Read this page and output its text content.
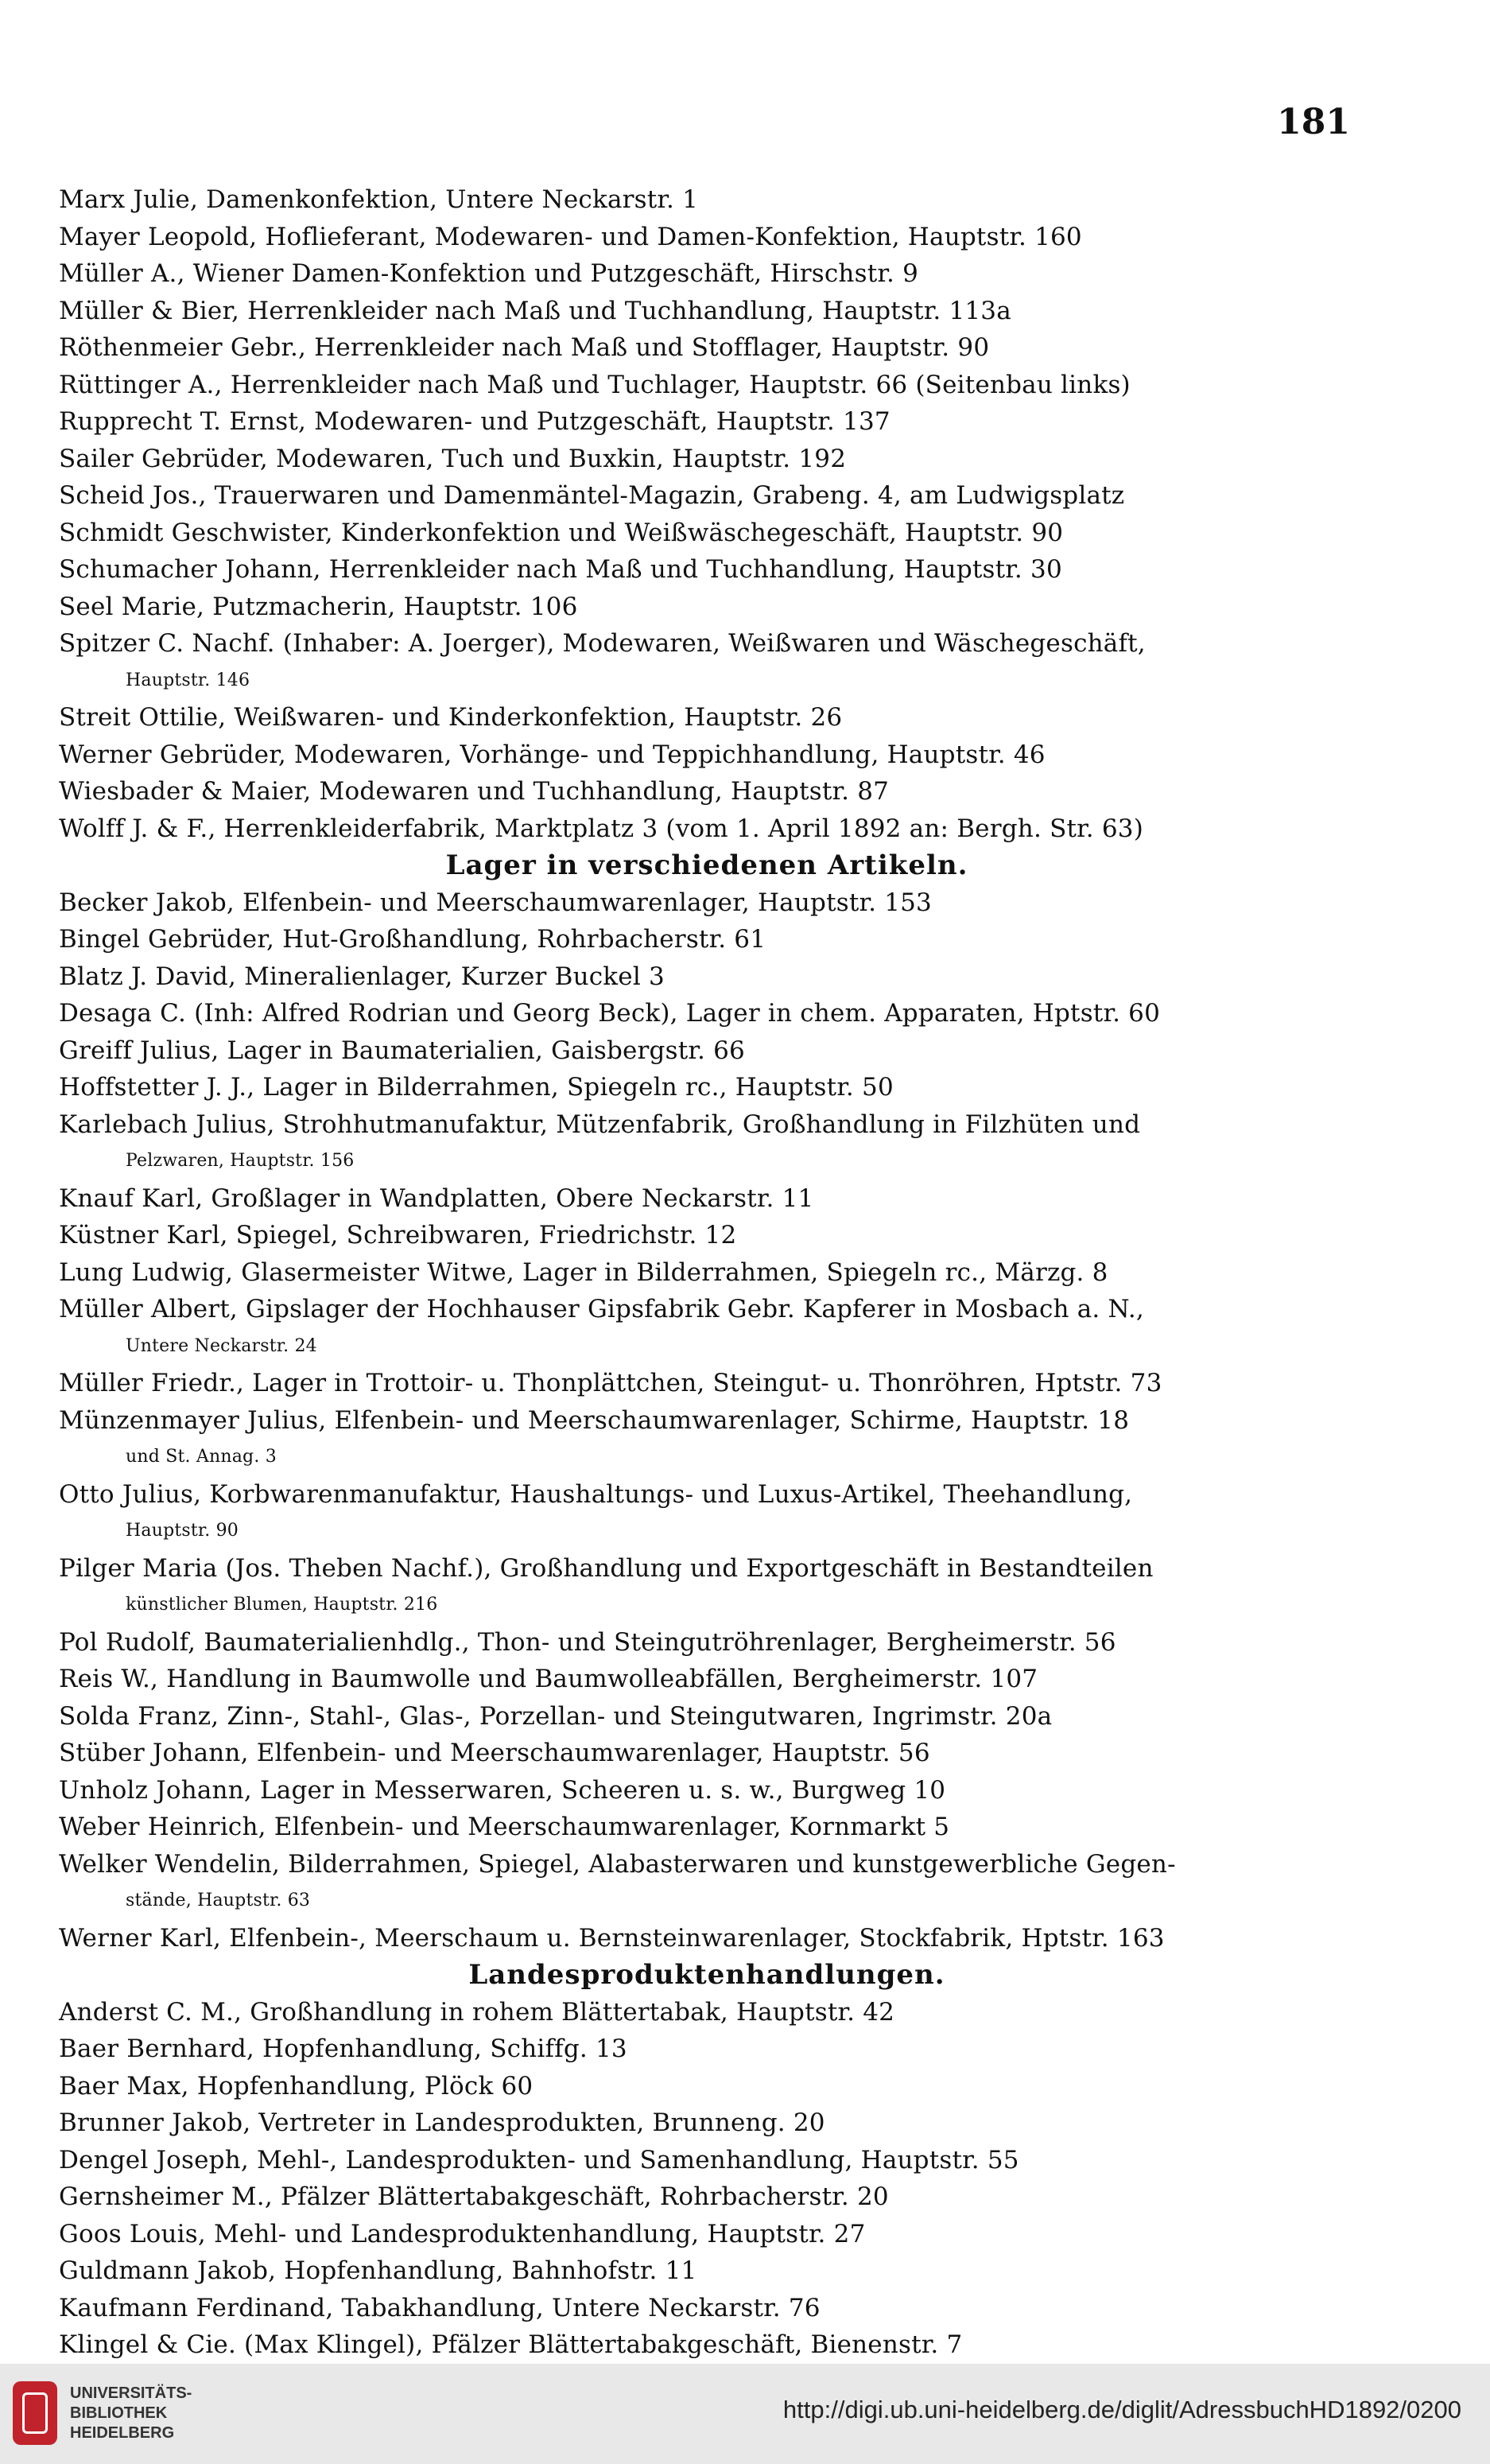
181
Marx Julie, Damenkonfektion, Untere Neckarstr. 1
Mayer Leopold, Hoflieferant, Modewaren- und Damen-Konfektion, Hauptstr. 160
Müller A., Wiener Damen-Konfektion und Putzgeschäft, Hirschstr. 9
Müller & Bier, Herrenkleider nach Maß und Tuchhandlung, Hauptstr. 113a
Röthenmeier Gebr., Herrenkleider nach Maß und Stofflager, Hauptstr. 90
Rüttinger A., Herrenkleider nach Maß und Tuchlager, Hauptstr. 66 (Seitenbau links)
Rupprecht T. Ernst, Modewaren- und Putzgeschäft, Hauptstr. 137
Sailer Gebrüder, Modewaren, Tuch und Buxkin, Hauptstr. 192
Scheid Jos., Trauerwaren und Damenmäntel-Magazin, Grabeng. 4, am Ludwigsplatz
Schmidt Geschwister, Kinderkonfektion und Weißwäschegeschäft, Hauptstr. 90
Schumacher Johann, Herrenkleider nach Maß und Tuchhandlung, Hauptstr. 30
Seel Marie, Putzmacherin, Hauptstr. 106
Spitzer C. Nachf. (Inhaber: A. Joerger), Modewaren, Weißwaren und Wäschegeschäft,
Hauptstr. 146
Streit Ottilie, Weißwaren- und Kinderkonfektion, Hauptstr. 26
Werner Gebrüder, Modewaren, Vorhänge- und Teppichhandlung, Hauptstr. 46
Wiesbader & Maier, Modewaren und Tuchhandlung, Hauptstr. 87
Wolff J. & F., Herrenkleiderfabrik, Marktplatz 3 (vom 1. April 1892 an: Bergh. Str. 63)
Lager in verschiedenen Artikeln.
Becker Jakob, Elfenbein- und Meerschaumwarenlager, Hauptstr. 153
Bingel Gebrüder, Hut-Großhandlung, Rohrbacherstr. 61
Blatz J. David, Mineralienlager, Kurzer Buckel 3
Desaga C. (Inh: Alfred Rodrian und Georg Beck), Lager in chem. Apparaten, Hptstr. 60
Greiff Julius, Lager in Baumaterialien, Gaisbergstr. 66
Hoffstetter J. J., Lager in Bilderrahmen, Spiegeln rc., Hauptstr. 50
Karlebach Julius, Strohhutmanufaktur, Mützenfabrik, Großhandlung in Filzhüten und
Pelzwaren, Hauptstr. 156
Knauf Karl, Großlager in Wandplatten, Obere Neckarstr. 11
Küstner Karl, Spiegel, Schreibwaren, Friedrichstr. 12
Lung Ludwig, Glasermeister Witwe, Lager in Bilderrahmen, Spiegeln rc., Märzg. 8
Müller Albert, Gipslager der Hochhauser Gipsfabrik Gebr. Kapferer in Mosbach a. N.,
Untere Neckarstr. 24
Müller Friedr., Lager in Trottoir- u. Thonplättchen, Steingut- u. Thonröhren, Hptstr. 73
Münzenmayer Julius, Elfenbein- und Meerschaumwarenlager, Schirme, Hauptstr. 18
und St. Annag. 3
Otto Julius, Korbwarenmanufaktur, Haushaltungs- und Luxus-Artikel, Theehandlung,
Hauptstr. 90
Pilger Maria (Jos. Theben Nachf.), Großhandlung und Exportgeschäft in Bestandteilen
künstlicher Blumen, Hauptstr. 216
Pol Rudolf, Baumaterialienhdlg., Thon- und Steingutröhrenlager, Bergheimerstr. 56
Reis W., Handlung in Baumwolle und Baumwolleabfällen, Bergheimerstr. 107
Solda Franz, Zinn-, Stahl-, Glas-, Porzellan- und Steingutwaren, Ingrimstr. 20a
Stüber Johann, Elfenbein- und Meerschaumwarenlager, Hauptstr. 56
Unholz Johann, Lager in Messerwaren, Scheeren u. s. w., Burgweg 10
Weber Heinrich, Elfenbein- und Meerschaumwarenlager, Kornmarkt 5
Welker Wendelin, Bilderrahmen, Spiegel, Alabasterwaren und kunstgewerbliche Gegen-
stände, Hauptstr. 63
Werner Karl, Elfenbein-, Meerschaum u. Bernsteinwarenlager, Stockfabrik, Hptstr. 163
Landesproduktenhandlungen.
Anderst C. M., Großhandlung in rohem Blättertabak, Hauptstr. 42
Baer Bernhard, Hopfenhandlung, Schiffg. 13
Baer Max, Hopfenhandlung, Plöck 60
Brunner Jakob, Vertreter in Landesprodukten, Brunneng. 20
Dengel Joseph, Mehl-, Landesprodukten- und Samenhandlung, Hauptstr. 55
Gernsheimer M., Pfälzer Blättertabakgeschäft, Rohrbacherstr. 20
Goos Louis, Mehl- und Landesproduktenhandlung, Hauptstr. 27
Guldmann Jakob, Hopfenhandlung, Bahnhofstr. 11
Kaufmann Ferdinand, Tabakhandlung, Untere Neckarstr. 76
Klingel & Cie. (Max Klingel), Pfälzer Blättertabakgeschäft, Bienenstr. 7
UNIVERSITÄTS-
BIBLIOTHEK
HEIDELBERG
http://digi.ub.uni-heidelberg.de/diglit/AdressbuchHD1892/0200
